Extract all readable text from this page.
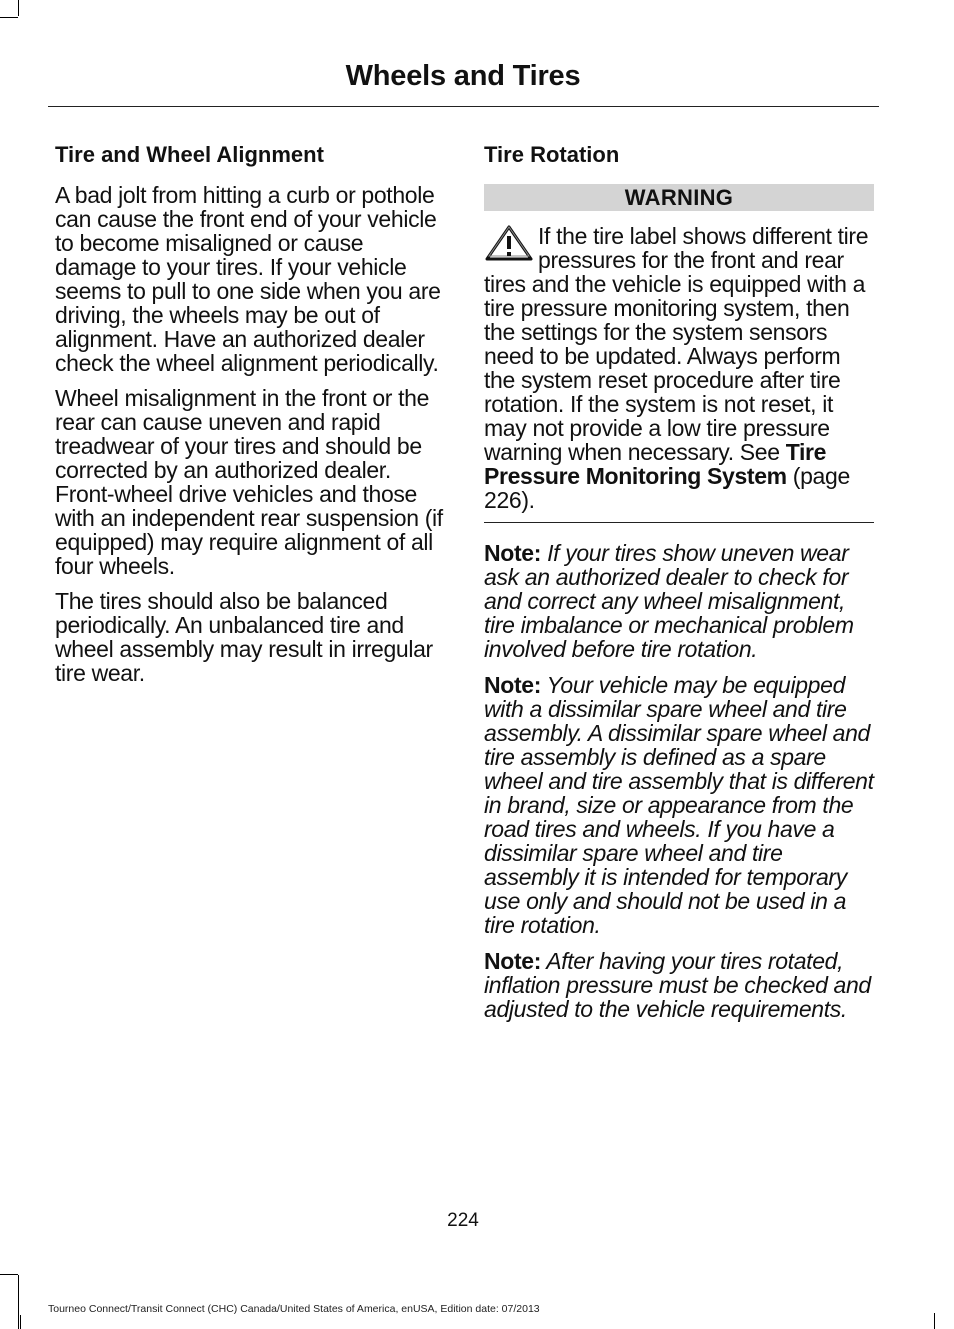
Wheels and Tires
Tire and Wheel Alignment

A bad jolt from hitting a curb or pothole can cause the front end of your vehicle to become misaligned or cause damage to your tires. If your vehicle seems to pull to one side when you are driving, the wheels may be out of alignment. Have an authorized dealer check the wheel alignment periodically.

Wheel misalignment in the front or the rear can cause uneven and rapid treadwear of your tires and should be corrected by an authorized dealer. Front-wheel drive vehicles and those with an independent rear suspension (if equipped) may require alignment of all four wheels.

The tires should also be balanced periodically. An unbalanced tire and wheel assembly may result in irregular tire wear.

Tire Rotation
WARNING

If the tire label shows different tire pressures for the front and rear tires and the vehicle is equipped with a tire pressure monitoring system, then the settings for the system sensors need to be updated. Always perform the system reset procedure after tire rotation. If the system is not reset, it may not provide a low tire pressure warning when necessary. See Tire Pressure Monitoring System (page 226).

Note: If your tires show uneven wear ask an authorized dealer to check for and correct any wheel misalignment, tire imbalance or mechanical problem involved before tire rotation.

Note: Your vehicle may be equipped with a dissimilar spare wheel and tire assembly. A dissimilar spare wheel and tire assembly is defined as a spare wheel and tire assembly that is different in brand, size or appearance from the road tires and wheels. If you have a dissimilar spare wheel and tire assembly it is intended for temporary use only and should not be used in a tire rotation.

Note: After having your tires rotated, inflation pressure must be checked and adjusted to the vehicle requirements.

224
Tourneo Connect/Transit Connect (CHC) Canada/United States of America, enUSA, Edition date: 07/2013
